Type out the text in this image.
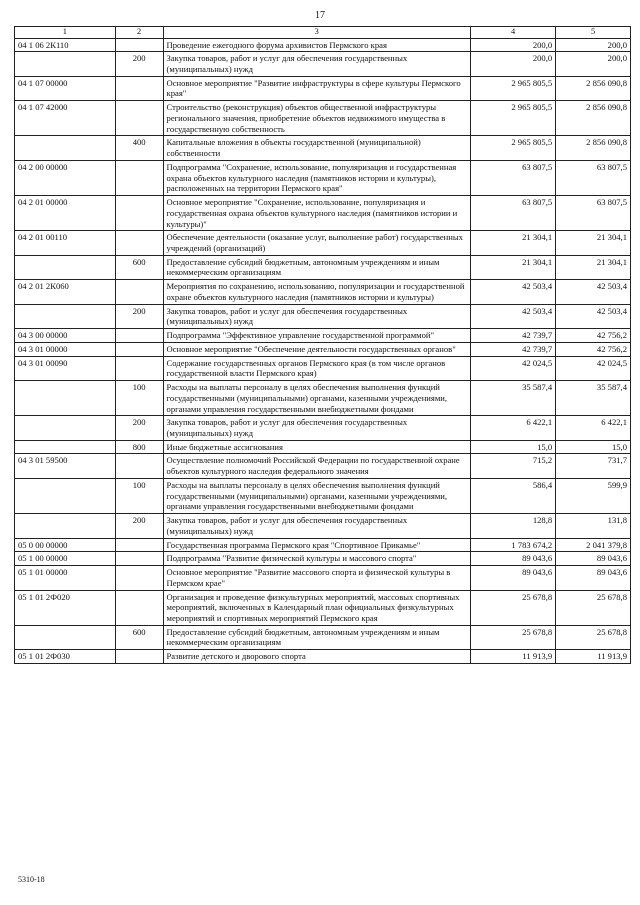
17
1	2	3	4	5
04 1 06 2К110		Проведение ежегодного форума архивистов Пермского края	200,0	200,0
	200	Закупка товаров, работ и услуг для обеспечения государственных (муниципальных) нужд	200,0	200,0
04 1 07 00000		Основное мероприятие "Развитие инфраструктуры в сфере культуры Пермского края"	2 965 805,5	2 856 090,8
04 1 07 42000		Строительство (реконструкция) объектов общественной инфраструктуры регионального значения, приобретение объектов недвижимого имущества в государственную собственность	2 965 805,5	2 856 090,8
	400	Капитальные вложения в объекты государственной (муниципальной) собственности	2 965 805,5	2 856 090,8
04 2 00 00000		Подпрограмма "Сохранение, использование, популяризация и государственная охрана объектов культурного наследия (памятников истории и культуры), расположенных на территории Пермского края"	63 807,5	63 807,5
04 2 01 00000		Основное мероприятие "Сохранение, использование, популяризация и государственная охрана объектов культурного наследия (памятников истории и культуры)"	63 807,5	63 807,5
04 2 01 00110		Обеспечение деятельности (оказание услуг, выполнение работ) государственных учреждений (организаций)	21 304,1	21 304,1
	600	Предоставление субсидий бюджетным, автономным учреждениям и иным некоммерческим организациям	21 304,1	21 304,1
04 2 01 2К060		Мероприятия по сохранению, использованию, популяризации и государственной охране объектов культурного наследия (памятников истории и культуры)	42 503,4	42 503,4
	200	Закупка товаров, работ и услуг для обеспечения государственных (муниципальных) нужд	42 503,4	42 503,4
04 3 00 00000		Подпрограмма "Эффективное управление государственной программой"	42 739,7	42 756,2
04 3 01 00000		Основное мероприятие "Обеспечение деятельности государственных органов"	42 739,7	42 756,2
04 3 01 00090		Содержание государственных органов Пермского края (в том числе органов государственной власти Пермского края)	42 024,5	42 024,5
	100	Расходы на выплаты персоналу в целях обеспечения выполнения функций государственными (муниципальными) органами, казенными учреждениями, органами управления государственными внебюджетными фондами	35 587,4	35 587,4
	200	Закупка товаров, работ и услуг для обеспечения государственных (муниципальных) нужд	6 422,1	6 422,1
	800	Иные бюджетные ассигнования	15,0	15,0
04 3 01 59500		Осуществление полномочий Российской Федерации по государственной охране объектов культурного наследия федерального значения	715,2	731,7
	100	Расходы на выплаты персоналу в целях обеспечения выполнения функций государственными (муниципальными) органами, казенными учреждениями, органами управления государственными внебюджетными фондами	586,4	599,9
	200	Закупка товаров, работ и услуг для обеспечения государственных (муниципальных) нужд	128,8	131,8
05 0 00 00000		Государственная программа Пермского края "Спортивное Прикамье"	1 783 674,2	2 041 379,8
05 1 00 00000		Подпрограмма "Развитие физической культуры и массового спорта"	89 043,6	89 043,6
05 1 01 00000		Основное мероприятие "Развитие массового спорта и физической культуры в Пермском крае"	89 043,6	89 043,6
05 1 01 2Ф020		Организация и проведение физкультурных мероприятий, массовых спортивных мероприятий, включенных в Календарный план официальных физкультурных мероприятий и спортивных мероприятий Пермского края	25 678,8	25 678,8
	600	Предоставление субсидий бюджетным, автономным учреждениям и иным некоммерческим организациям	25 678,8	25 678,8
05 1 01 2Ф030		Развитие детского и дворового спорта	11 913,9	11 913,9
5310-18
